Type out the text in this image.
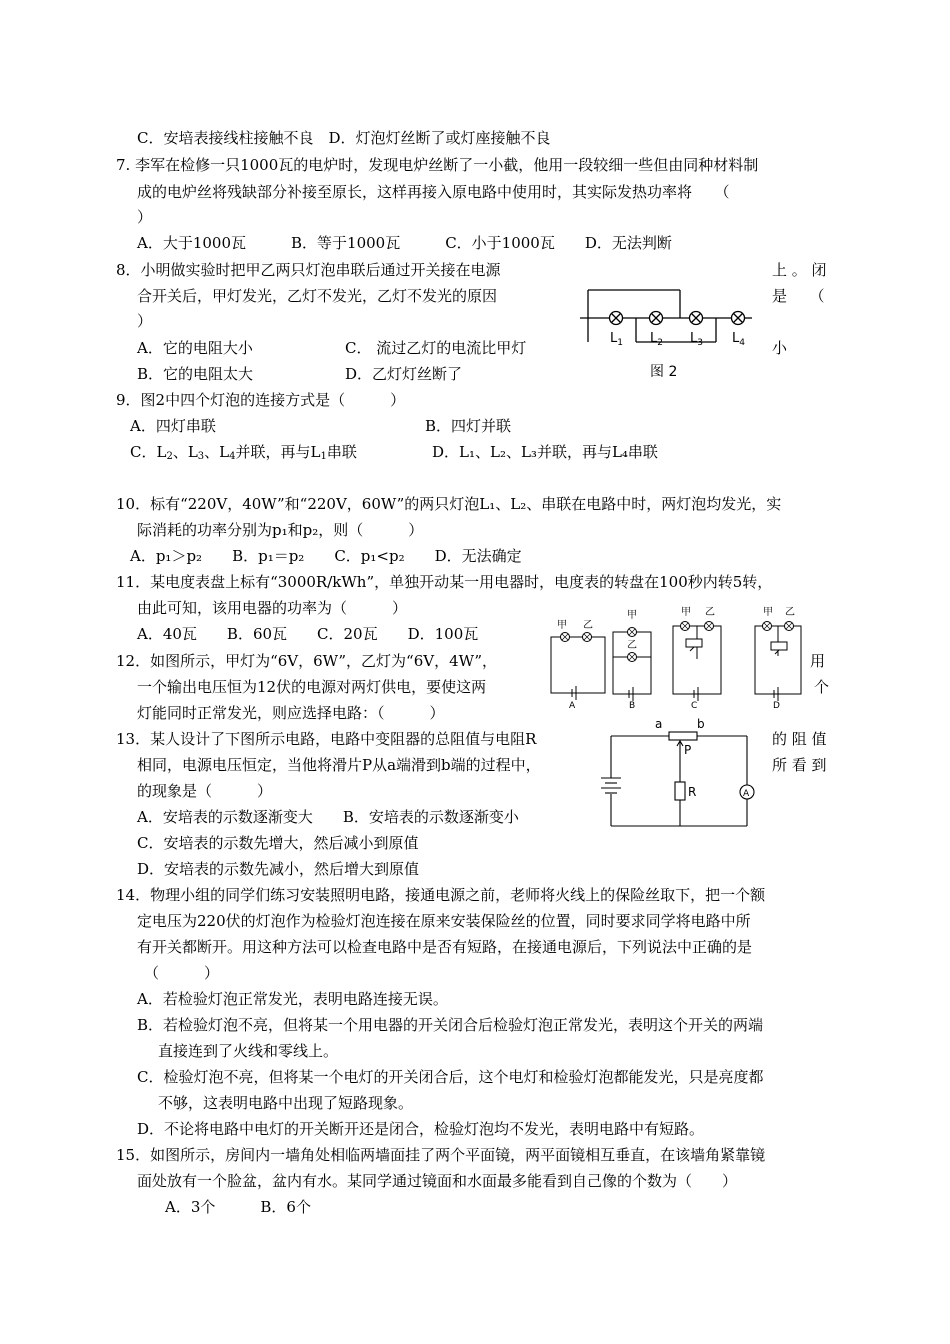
C．安培表接线柱接触不良　D．灯泡灯丝断了或灯座接触不良
7. 李军在检修一只1000瓦的电炉时，发现电炉丝断了一小截，他用一段较细一些但由同种材料制
成的电炉丝将残缺部分补接至原长，这样再接入原电路中使用时，其实际发热功率将　　（
）
A．大于1000瓦　　　B．等于1000瓦　　　C．小于1000瓦　　D．无法判断
8．小明做实验时把甲乙两只灯泡串联后通过开关接在电源	上 。 闭
合开关后，甲灯发光，乙灯不发光，乙灯不发光的原因	是　　（
）
A．它的电阻大小	C． 流过乙灯的电流比甲灯	小
B．它的电阻太大	D．乙灯灯丝断了
$L_1$ $L_2$ $L_3$ $L_4$
图 2
9．图2中四个灯泡的连接方式是（　　　）
A．四灯串联	B．四灯并联
C．$L_2$、$L_3$、$L_4$并联，再与$L_1$串联	D．L₁、L₂、L₃并联，再与L₄串联
10．标有“220V，40W”和“220V，60W”的两只灯泡L₁、L₂、串联在电路中时，两灯泡均发光，实
际消耗的功率分别为p₁和p₂，则（　　　）
A．p₁＞p₂　　B．p₁＝p₂　　C．p₁<p₂　　D．无法确定
11．某电度表盘上标有“3000R/kWh”，单独开动某一用电器时，电度表的转盘在100秒内转5转，
由此可知，该用电器的功率为（　　　）
A．40瓦　　B．60瓦　　C．20瓦　　D．100瓦
12．如图所示，甲灯为“6V，6W”，乙灯为“6V，4W”，	用
一个输出电压恒为12伏的电源对两灯供电，要使这两	个
灯能同时正常发光，则应选择电路：（　　　）
甲 乙
甲
乙
甲 乙	甲 乙
A	B	C	D
13．某人设计了下图所示电路，电路中变阻器的总阻值与电阻R	的 阻 值
相同，电源电压恒定，当他将滑片P从a端滑到b端的过程中，	所 看 到
的现象是（　　　）
A．安培表的示数逐渐变大　　B．安培表的示数逐渐变小
C．安培表的示数先增大，然后减小到原值
D．安培表的示数先减小，然后增大到原值
a	b
P
R	A
14．物理小组的同学们练习安装照明电路，接通电源之前，老师将火线上的保险丝取下，把一个额
定电压为220伏的灯泡作为检验灯泡连接在原来安装保险丝的位置，同时要求同学将电路中所
有开关都断开。用这种方法可以检查电路中是否有短路，在接通电源后，下列说法中正确的是
（　　　）
A．若检验灯泡正常发光，表明电路连接无误。
B．若检验灯泡不亮，但将某一个用电器的开关闭合后检验灯泡正常发光，表明这个开关的两端
直接连到了火线和零线上。
C．检验灯泡不亮，但将某一个电灯的开关闭合后，这个电灯和检验灯泡都能发光，只是亮度都
不够，这表明电路中出现了短路现象。
D．不论将电路中电灯的开关断开还是闭合，检验灯泡均不发光，表明电路中有短路。
15．如图所示，房间内一墙角处相临两墙面挂了两个平面镜，两平面镜相互垂直，在该墙角紧靠镜
面处放有一个脸盆，盆内有水。某同学通过镜面和水面最多能看到自己像的个数为（　　）
A．3个　　　B．6个
